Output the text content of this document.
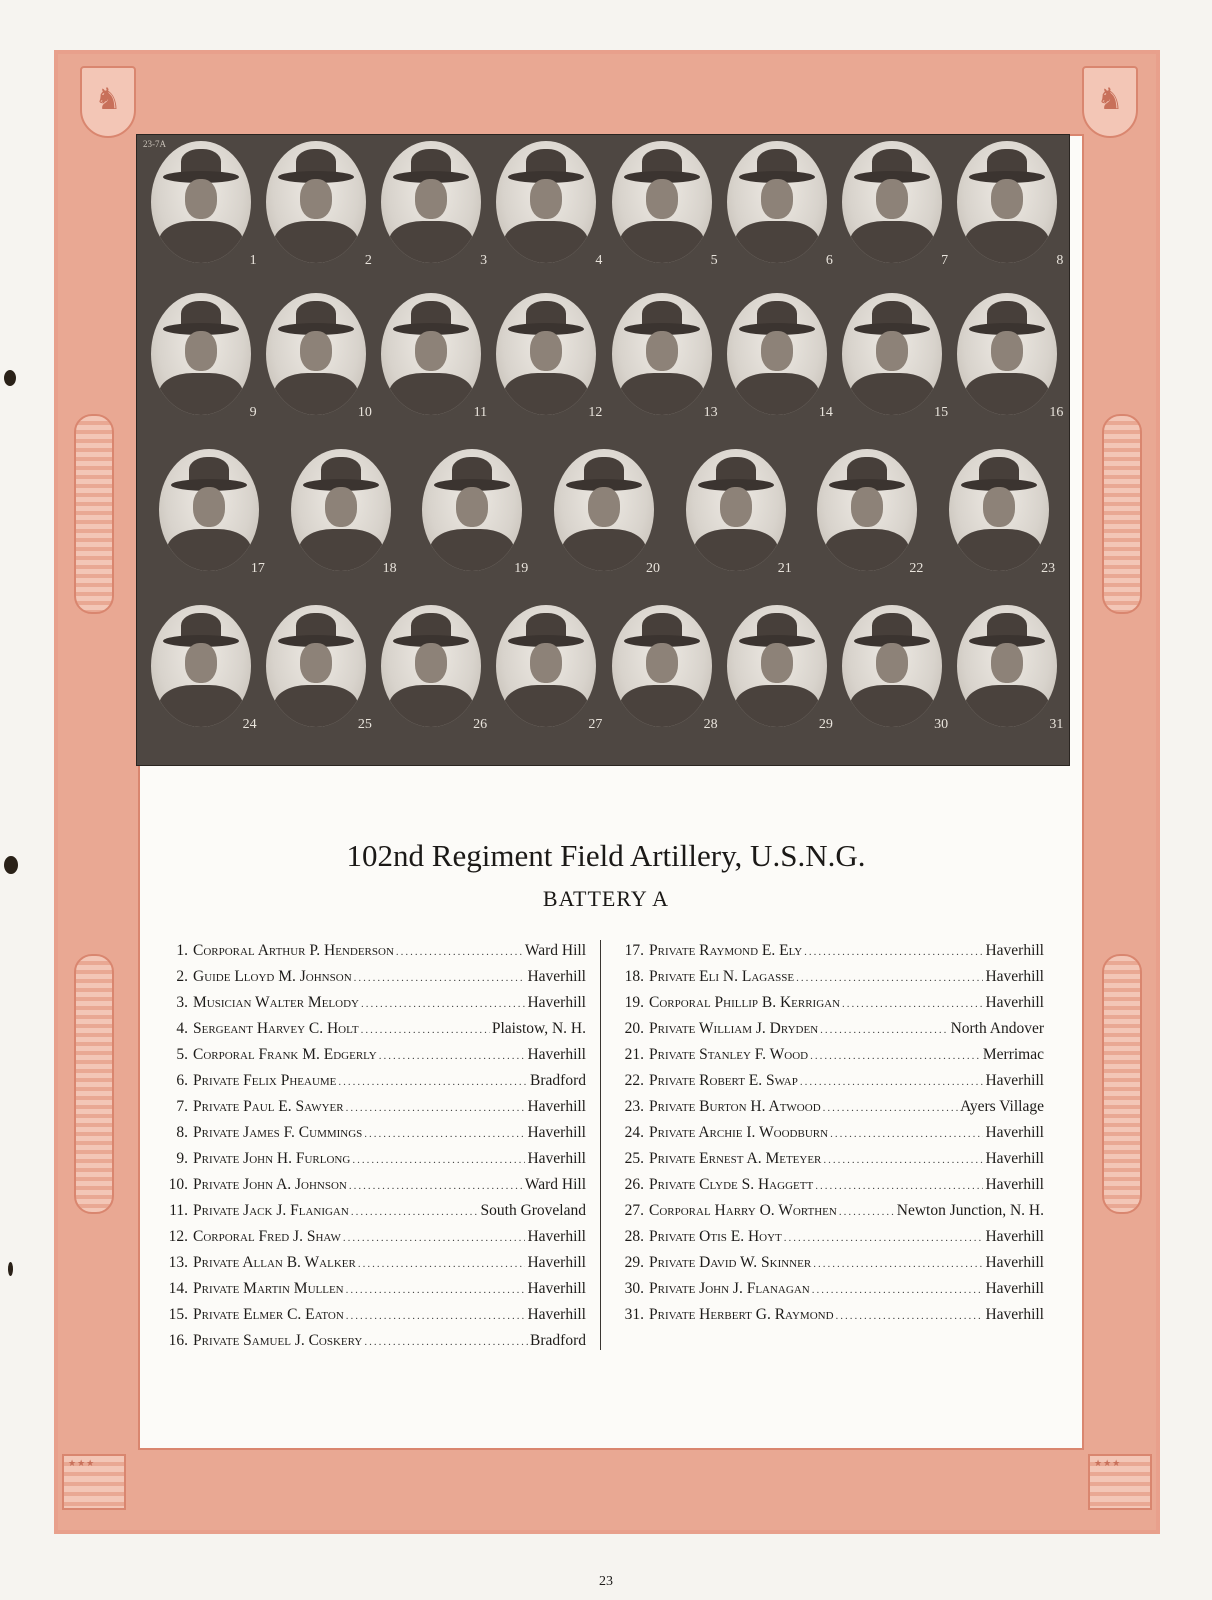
♞	♞
★★★	★★★
23-7A
1	2	3	4	5	6	7	8
9	10	11	12	13	14	15	16
17	18	19	20	21	22	23
24	25	26	27	28	29	30	31
102nd Regiment Field Artillery, U.S.N.G.
BATTERY A
1. Corporal Arthur P. Henderson .....	Ward Hill
2. Guide Lloyd M. Johnson .....	Haverhill
3. Musician Walter Melody .....	Haverhill
4. Sergeant Harvey C. Holt .....	Plaistow, N. H.
5. Corporal Frank M. Edgerly .....	Haverhill
6. Private Felix Pheaume .....	Bradford
7. Private Paul E. Sawyer .....	Haverhill
8. Private James F. Cummings .....	Haverhill
9. Private John H. Furlong .....	Haverhill
10. Private John A. Johnson .....	Ward Hill
11. Private Jack J. Flanigan .....	South Groveland
12. Corporal Fred J. Shaw .....	Haverhill
13. Private Allan B. Walker .....	Haverhill
14. Private Martin Mullen .....	Haverhill
15. Private Elmer C. Eaton .....	Haverhill
16. Private Samuel J. Coskery .....	Bradford
17. Private Raymond E. Ely .....	Haverhill
18. Private Eli N. Lagasse .....	Haverhill
19. Corporal Phillip B. Kerrigan .....	Haverhill
20. Private William J. Dryden .....	North Andover
21. Private Stanley F. Wood .....	Merrimac
22. Private Robert E. Swap .....	Haverhill
23. Private Burton H. Atwood .....	Ayers Village
24. Private Archie I. Woodburn .....	Haverhill
25. Private Ernest A. Meteyer .....	Haverhill
26. Private Clyde S. Haggett .....	Haverhill
27. Corporal Harry O. Worthen .....	Newton Junction, N. H.
28. Private Otis E. Hoyt .....	Haverhill
29. Private David W. Skinner .....	Haverhill
30. Private John J. Flanagan .....	Haverhill
31. Private Herbert G. Raymond .....	Haverhill
23
